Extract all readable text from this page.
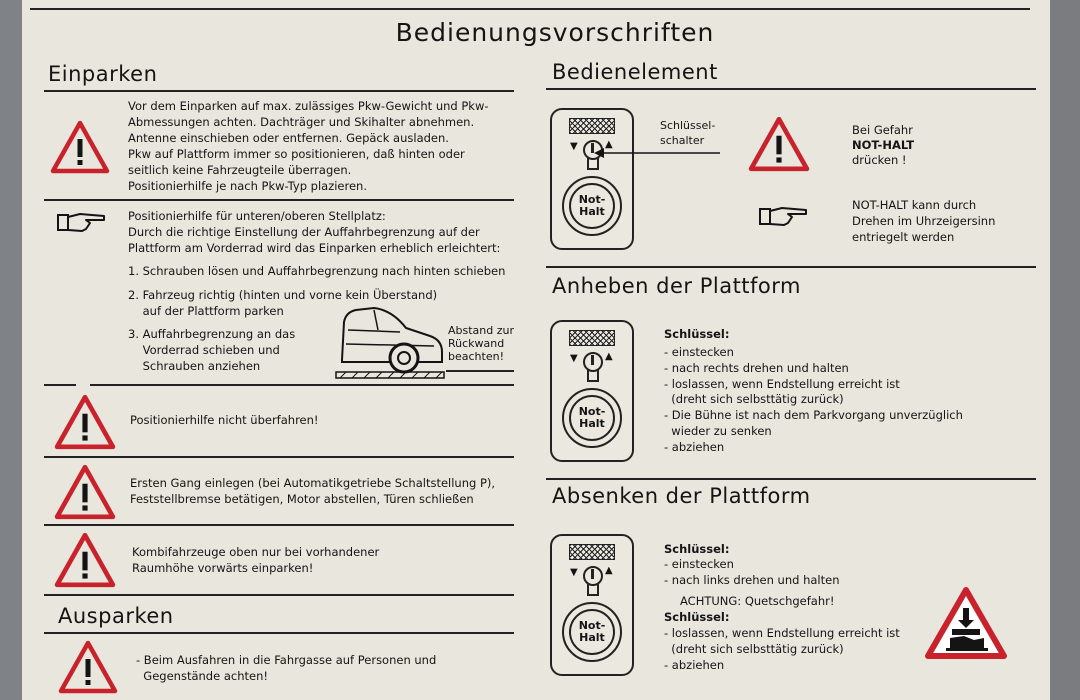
Bedienungsvorschriften
Einparken
Vor dem Einparken auf max. zulässiges Pkw-Gewicht und Pkw-
Abmessungen achten. Dachträger und Skihalter abnehmen.
Antenne einschieben oder entfernen. Gepäck ausladen.
Pkw auf Plattform immer so positionieren, daß hinten oder
seitlich keine Fahrzeugteile überragen.
Positionierhilfe je nach Pkw-Typ plazieren.
Positionierhilfe für unteren/oberen Stellplatz:
Durch die richtige Einstellung der Auffahrbegrenzung auf der
Plattform am Vorderrad wird das Einparken erheblich erleichtert:
1. Schrauben lösen und Auffahrbegrenzung nach hinten schieben
2. Fahrzeug richtig (hinten und vorne kein Überstand)
auf der Plattform parken
3. Auffahrbegrenzung an das
Vorderrad schieben und
Schrauben anziehen
Abstand zur
Rückwand
beachten!
Positionierhilfe nicht überfahren!
Ersten Gang einlegen (bei Automatikgetriebe Schaltstellung P),
Feststellbremse betätigen, Motor abstellen, Türen schließen
Kombifahrzeuge oben nur bei vorhandener
Raumhöhe vorwärts einparken!
Ausparken
- Beim Ausfahren in die Fahrgasse auf Personen und
Gegenstände achten!
Bedienelement
▼	▲
Not-
Halt
Schlüssel-
schalter
Bei Gefahr
NOT-HALT
drücken !
NOT-HALT kann durch
Drehen im Uhrzeigersinn
entriegelt werden
Anheben der Plattform
▼	▲
Not-
Halt
Schlüssel:
- einstecken
- nach rechts drehen und halten
- loslassen, wenn Endstellung erreicht ist
(dreht sich selbsttätig zurück)
- Die Bühne ist nach dem Parkvorgang unverzüglich
wieder zu senken
- abziehen
Absenken der Plattform
▼	▲
Not-
Halt
Schlüssel:
- einstecken
- nach links drehen und halten
ACHTUNG: Quetschgefahr!
Schlüssel:
- loslassen, wenn Endstellung erreicht ist
(dreht sich selbsttätig zurück)
- abziehen
